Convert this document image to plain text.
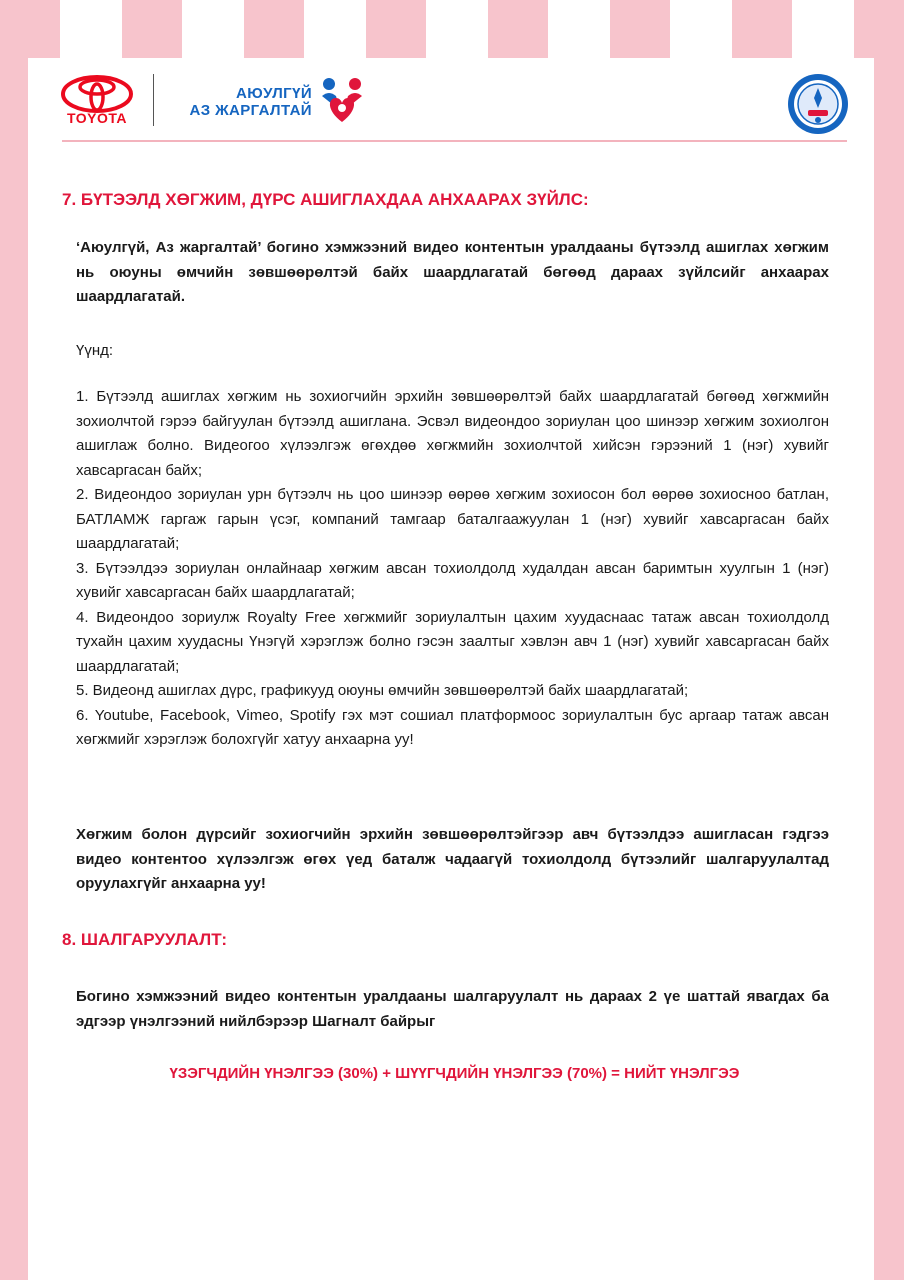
TOYOTA
АЮУЛГҮЙ
АЗ ЖАРГАЛТАЙ
7. БҮТЭЭЛД ХӨГЖИМ, ДҮРС АШИГЛАХДАА АНХААРАХ ЗҮЙЛС:

‘Аюулгүй, Аз жаргалтай’ богино хэмжээний видео контентын уралдааны бүтээлд ашиглах хөгжим нь оюуны өмчийн зөвшөөрөлтэй байх шаардлагатай бөгөөд дараах зүйлсийг анхаарах шаардлагатай.

Үүнд:

1. Бүтээлд ашиглах хөгжим нь зохиогчийн эрхийн зөвшөөрөлтэй байх шаардлагатай бөгөөд хөгжмийн зохиолчтой гэрээ байгуулан бүтээлд ашиглана. Эсвэл видеондоо зориулан цоо шинээр хөгжим зохиолгон ашиглаж болно. Видеогоо хүлээлгэж өгөхдөө хөгжмийн зохиолчтой хийсэн гэрээний 1 (нэг) хувийг хавсаргасан байх;
2. Видеондоо зориулан урн бүтээлч нь цоо шинээр өөрөө хөгжим зохиосон бол өөрөө зохиосноо батлан, БАТЛАМЖ гаргаж гарын үсэг, компаний тамгаар баталгаажуулан 1 (нэг) хувийг хавсаргасан байх шаардлагатай;
3. Бүтээлдээ зориулан онлайнаар хөгжим авсан тохиолдолд худалдан авсан баримтын хуулгын 1 (нэг) хувийг хавсаргасан байх шаардлагатай;
4. Видеондоо зориулж Royalty Free хөгжмийг зориулалтын цахим хуудаснаас татаж авсан тохиолдолд тухайн цахим хуудасны Үнэгүй хэрэглэж болно гэсэн заалтыг хэвлэн авч 1 (нэг) хувийг хавсаргасан байх шаардлагатай;
5. Видеонд ашиглах дүрс, графикууд оюуны өмчийн зөвшөөрөлтэй байх шаардлагатай;
6. Youtube, Facebook, Vimeo, Spotify гэх мэт сошиал платформоос зориулалтын бус аргаар татаж авсан хөгжмийг хэрэглэж болохгүйг хатуу анхаарна уу!

Хөгжим болон дүрсийг зохиогчийн эрхийн зөвшөөрөлтэйгээр авч бүтээлдээ ашигласан гэдгээ видео контентоо хүлээлгэж өгөх үед баталж чадаагүй тохиолдолд бүтээлийг шалгаруулалтад оруулахгүйг анхаарна уу!

8. ШАЛГАРУУЛАЛТ:

Богино хэмжээний видео контентын уралдааны шалгаруулалт нь дараах 2 үе шаттай явагдах ба эдгээр үнэлгээний нийлбэрээр Шагналт байрыг

ҮЗЭГЧДИЙН ҮНЭЛГЭЭ (30%) + ШҮҮГЧДИЙН ҮНЭЛГЭЭ (70%) = НИЙТ ҮНЭЛГЭЭ
